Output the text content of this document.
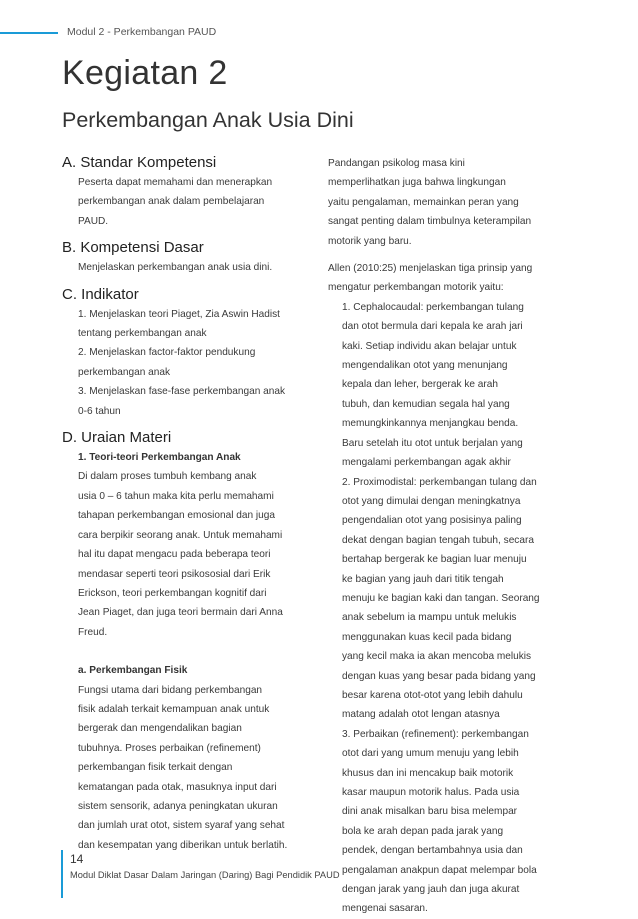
Modul 2 - Perkembangan PAUD
Kegiatan 2
Perkembangan Anak Usia Dini
A. Standar Kompetensi
Peserta dapat memahami dan menerapkan
perkembangan anak dalam pembelajaran
PAUD.
B. Kompetensi Dasar
Menjelaskan perkembangan anak usia dini.
C. Indikator
1. Menjelaskan teori Piaget, Zia Aswin Hadist
tentang perkembangan anak
2. Menjelaskan factor-faktor pendukung
perkembangan anak
3. Menjelaskan fase-fase perkembangan anak
0-6 tahun
D. Uraian Materi
1. Teori-teori Perkembangan Anak
Di dalam proses tumbuh kembang anak
usia 0 – 6 tahun maka kita perlu memahami
tahapan perkembangan emosional dan juga
cara berpikir seorang anak. Untuk memahami
hal itu dapat mengacu pada beberapa teori
mendasar seperti teori psikososial dari Erik
Erickson, teori perkembangan kognitif dari
Jean Piaget, dan juga teori bermain dari Anna
Freud.
a. Perkembangan Fisik
Fungsi utama dari bidang perkembangan
fisik adalah terkait kemampuan anak untuk
bergerak dan mengendalikan bagian
tubuhnya. Proses perbaikan (refinement)
perkembangan fisik terkait dengan
kematangan pada otak, masuknya input dari
sistem sensorik, adanya peningkatan ukuran
dan jumlah urat otot, sistem syaraf yang sehat
dan kesempatan yang diberikan untuk berlatih.
Pandangan psikolog masa kini
memperlihatkan juga bahwa lingkungan
yaitu pengalaman, memainkan peran yang
sangat penting dalam timbulnya keterampilan
motorik yang baru.
Allen (2010:25) menjelaskan tiga prinsip yang
mengatur perkembangan motorik yaitu:
1. Cephalocaudal: perkembangan tulang
dan otot bermula dari kepala ke arah jari
kaki. Setiap individu akan belajar untuk
mengendalikan otot yang menunjang
kepala dan leher, bergerak ke arah
tubuh, dan kemudian segala hal yang
memungkinkannya menjangkau benda.
Baru setelah itu otot untuk berjalan yang
mengalami perkembangan agak akhir
2. Proximodistal: perkembangan tulang dan
otot yang dimulai dengan meningkatnya
pengendalian otot yang posisinya paling
dekat dengan bagian tengah tubuh, secara
bertahap bergerak ke bagian luar menuju
ke bagian yang jauh dari titik tengah
menuju ke bagian kaki dan tangan. Seorang
anak sebelum ia mampu untuk melukis
menggunakan kuas kecil pada bidang
yang kecil maka ia akan mencoba melukis
dengan kuas yang besar pada bidang yang
besar karena otot-otot yang lebih dahulu
matang adalah otot lengan atasnya
3. Perbaikan (refinement): perkembangan
otot dari yang umum menuju yang lebih
khusus dan ini mencakup baik motorik
kasar maupun motorik halus. Pada usia
dini anak misalkan baru bisa melempar
bola ke arah depan pada jarak yang
pendek, dengan bertambahnya usia dan
pengalaman anakpun dapat melempar bola
dengan jarak yang jauh dan juga akurat
mengenai sasaran.
14
Modul Diklat Dasar Dalam Jaringan (Daring) Bagi Pendidik PAUD
